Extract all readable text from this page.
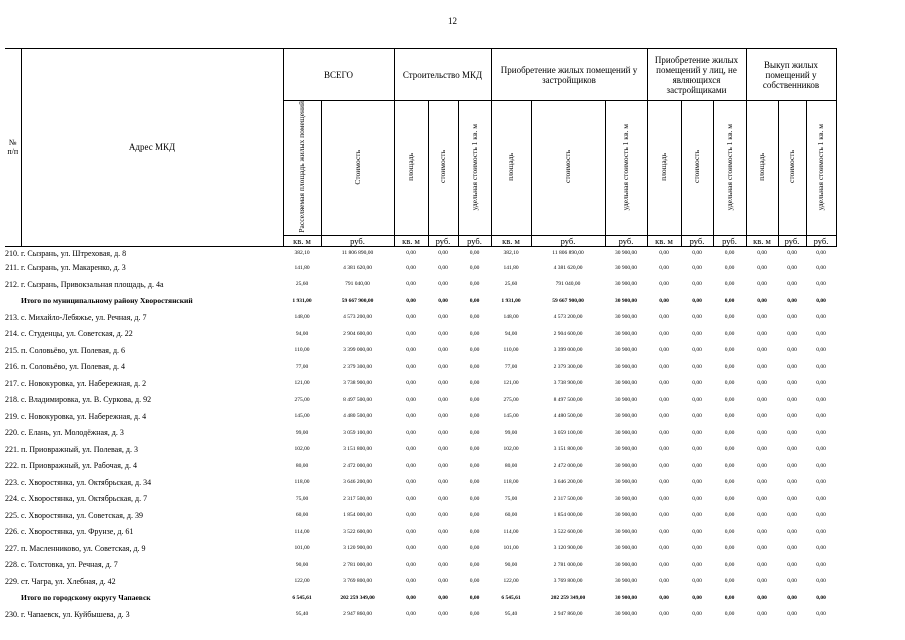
12
№
п/п	Адрес МКД	ВСЕГО		Строительство МКД			Приобретение жилых помещений у застройщиков			Приобретение жилых помещений у лиц, не являющихся застройщиками			Выкуп жилых помещений у собственников		
		Расселяемая площадь жилых помещений	Стоимость	площадь	стоимость	удельная стоимость 1 кв. м	площадь	стоимость	удельная стоимость 1 кв. м	площадь	стоимость	удельная стоимость 1 кв. м	площадь	стоимость	удельная стоимость 1 кв. м
		кв. м	руб.	кв. м	руб.	руб.	кв. м	руб.	руб.	кв. м	руб.	руб.	кв. м	руб.	руб.
210.	г. Сызрань, ул. Штреховая, д. 8	382,10	11 806 890,00	0,00	0,00	0,00	382,10	11 806 890,00	30 900,00	0,00	0,00	0,00	0,00	0,00	0,00
211.	г. Сызрань, ул. Макаренко, д. 3	141,80	4 381 620,00	0,00	0,00	0,00	141,80	4 381 620,00	30 900,00	0,00	0,00	0,00	0,00	0,00	0,00
212.	г. Сызрань, Привокзальная площадь, д. 4а	25,60	791 040,00	0,00	0,00	0,00	25,60	791 040,00	30 900,00	0,00	0,00	0,00	0,00	0,00	0,00
	Итого по муниципальному району Хворостянский	1 931,00	59 667 900,00	0,00	0,00	0,00	1 931,00	59 667 900,00	30 900,00	0,00	0,00	0,00	0,00	0,00	0,00
213.	с. Михайло-Лебяжье, ул. Речная, д. 7	148,00	4 573 200,00	0,00	0,00	0,00	148,00	4 573 200,00	30 900,00	0,00	0,00	0,00	0,00	0,00	0,00
214.	с. Студенцы, ул. Советская, д. 22	94,00	2 904 600,00	0,00	0,00	0,00	94,00	2 904 600,00	30 900,00	0,00	0,00	0,00	0,00	0,00	0,00
215.	п. Соловьёво, ул. Полевая, д. 6	110,00	3 399 000,00	0,00	0,00	0,00	110,00	3 399 000,00	30 900,00	0,00	0,00	0,00	0,00	0,00	0,00
216.	п. Соловьёво, ул. Полевая, д. 4	77,00	2 379 300,00	0,00	0,00	0,00	77,00	2 379 300,00	30 900,00	0,00	0,00	0,00	0,00	0,00	0,00
217.	с. Новокуровка, ул. Набережная, д. 2	121,00	3 738 900,00	0,00	0,00	0,00	121,00	3 738 900,00	30 900,00	0,00	0,00	0,00	0,00	0,00	0,00
218.	с. Владимировка, ул. В. Суркова, д. 92	275,00	8 497 500,00	0,00	0,00	0,00	275,00	8 497 500,00	30 900,00	0,00	0,00	0,00	0,00	0,00	0,00
219.	с. Новокуровка, ул. Набережная, д. 4	145,00	4 480 500,00	0,00	0,00	0,00	145,00	4 480 500,00	30 900,00	0,00	0,00	0,00	0,00	0,00	0,00
220.	с. Елань, ул. Молодёжная, д. 3	99,00	3 059 100,00	0,00	0,00	0,00	99,00	3 059 100,00	30 900,00	0,00	0,00	0,00	0,00	0,00	0,00
221.	п. Приовражный, ул. Полевая, д. 3	102,00	3 151 800,00	0,00	0,00	0,00	102,00	3 151 800,00	30 900,00	0,00	0,00	0,00	0,00	0,00	0,00
222.	п. Приовражный, ул. Рабочая, д. 4	80,00	2 472 000,00	0,00	0,00	0,00	80,00	2 472 000,00	30 900,00	0,00	0,00	0,00	0,00	0,00	0,00
223.	с. Хворостянка, ул. Октябрьская, д. 34	118,00	3 646 200,00	0,00	0,00	0,00	118,00	3 646 200,00	30 900,00	0,00	0,00	0,00	0,00	0,00	0,00
224.	с. Хворостянка, ул. Октябрьская, д. 7	75,00	2 317 500,00	0,00	0,00	0,00	75,00	2 317 500,00	30 900,00	0,00	0,00	0,00	0,00	0,00	0,00
225.	с. Хворостянка, ул. Советская, д. 39	60,00	1 854 000,00	0,00	0,00	0,00	60,00	1 854 000,00	30 900,00	0,00	0,00	0,00	0,00	0,00	0,00
226.	с. Хворостянка, ул. Фрунзе, д. 61	114,00	3 522 600,00	0,00	0,00	0,00	114,00	3 522 600,00	30 900,00	0,00	0,00	0,00	0,00	0,00	0,00
227.	п. Масленниково, ул. Советская, д. 9	101,00	3 120 900,00	0,00	0,00	0,00	101,00	3 120 900,00	30 900,00	0,00	0,00	0,00	0,00	0,00	0,00
228.	с. Толстовка, ул. Речная, д. 7	90,00	2 781 000,00	0,00	0,00	0,00	90,00	2 781 000,00	30 900,00	0,00	0,00	0,00	0,00	0,00	0,00
229.	ст. Чагра, ул. Хлебная, д. 42	122,00	3 769 800,00	0,00	0,00	0,00	122,00	3 769 800,00	30 900,00	0,00	0,00	0,00	0,00	0,00	0,00
	Итого по городскому округу Чапаевск	6 545,61	202 259 349,00	0,00	0,00	0,00	6 545,61	202 259 349,00	30 900,00	0,00	0,00	0,00	0,00	0,00	0,00
230.	г. Чапаевск, ул. Куйбышева, д. 3	95,40	2 947 860,00	0,00	0,00	0,00	95,40	2 947 860,00	30 900,00	0,00	0,00	0,00	0,00	0,00	0,00
